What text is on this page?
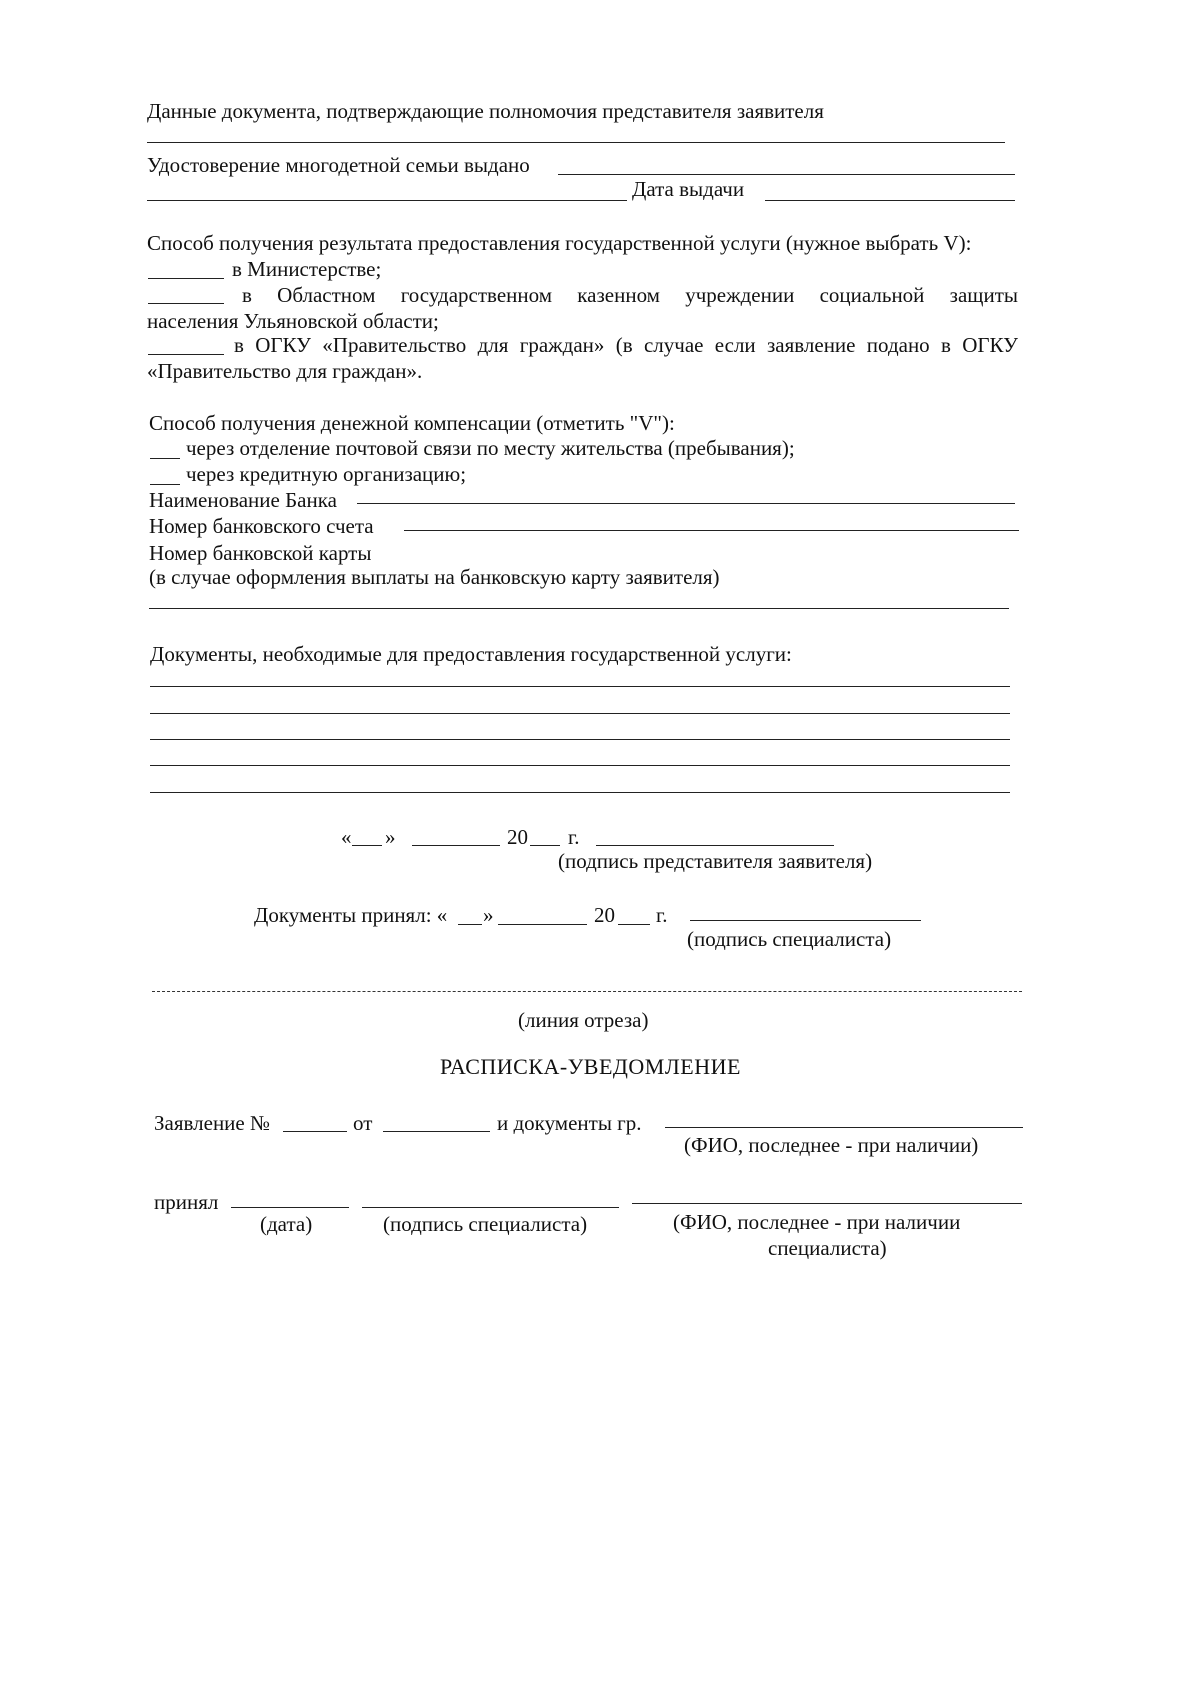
Данные документа, подтверждающие полномочия представителя заявителя
Удостоверение многодетной семьи выдано
Дата выдачи
Способ получения результата предоставления государственной услуги (нужное выбрать V):
в Министерстве;
в Областном государственном казенном учреждении социальной защиты
населения Ульяновской области;
в ОГКУ «Правительство для граждан» (в случае если заявление подано в ОГКУ
«Правительство для граждан».
Способ получения денежной компенсации (отметить "V"):
через отделение почтовой связи по месту жительства (пребывания);
через кредитную организацию;
Наименование Банка
Номер банковского счета
Номер банковской карты
(в случае оформления выплаты на банковскую карту заявителя)
Документы, необходимые для предоставления государственной услуги:
« »	20 г.
(подпись представителя заявителя)
Документы принял: « »	20 г.
(подпись специалиста)
(линия отреза)
РАСПИСКА-УВЕДОМЛЕНИЕ
Заявление №	от	и документы гр.
(ФИО, последнее - при наличии)
принял
(дата)	(подпись специалиста)	(ФИО, последнее - при наличии
специалиста)
